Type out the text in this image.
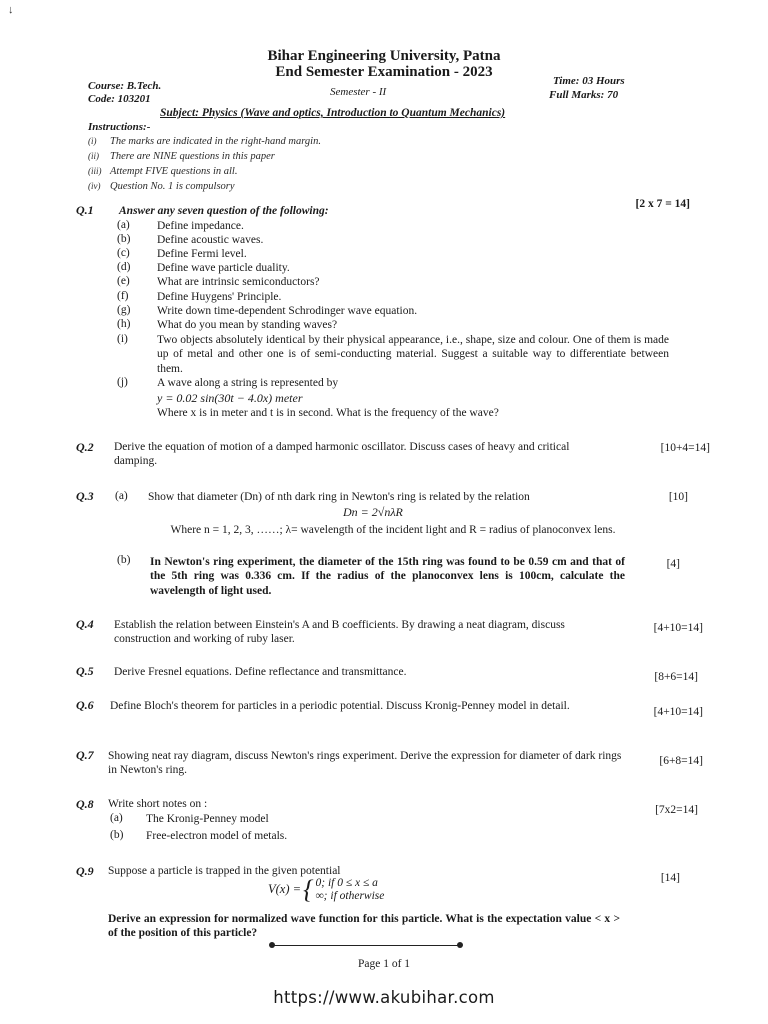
↓
Bihar Engineering University, Patna
End Semester Examination - 2023
Course: B.Tech.
Code: 103201
Semester - II
Time: 03 Hours
Full Marks: 70
Subject: Physics (Wave and optics, Introduction to Quantum Mechanics)
Instructions:-
(i) The marks are indicated in the right-hand margin.
(ii) There are NINE questions in this paper
(iii) Attempt FIVE questions in all.
(iv) Question No. 1 is compulsory
Q.1 Answer any seven question of the following:
[2 x 7 = 14]
(a) Define impedance.
(b) Define acoustic waves.
(c) Define Fermi level.
(d) Define wave particle duality.
(e) What are intrinsic semiconductors?
(f) Define Huygens' Principle.
(g) Write down time-dependent Schrodinger wave equation.
(h) What do you mean by standing waves?
(i)	Two objects absolutely identical by their physical appearance, i.e., shape, size and colour. One of them is made up of metal and other one is of semi-conducting material. Suggest a suitable way to differentiate between them.
(j)	A wave along a string is represented by
y = 0.02 sin(30t − 4.0x) meter
Where x is in meter and t is in second. What is the frequency of the wave?
Q.2 Derive the equation of motion of a damped harmonic oscillator. Discuss cases of heavy and critical damping.
[10+4=14]
Q.3 (a) Show that diameter (Dn) of nth dark ring in Newton's ring is related by the relation	[10]
Dn = 2√nλR
Where n = 1, 2, 3, ……; λ= wavelength of the incident light and R = radius of planoconvex lens.
(b) In Newton's ring experiment, the diameter of the 15th ring was found to be 0.59 cm and that of the 5th ring was 0.336 cm. If the radius of the planoconvex lens is 100cm, calculate the wavelength of light used.
[4]
Q.4 Establish the relation between Einstein's A and B coefficients. By drawing a neat diagram, discuss construction and working of ruby laser.
[4+10=14]
Q.5 Derive Fresnel equations. Define reflectance and transmittance.	[8+6=14]
Q.6 Define Bloch's theorem for particles in a periodic potential. Discuss Kronig-Penney model in detail.	[4+10=14]
Q.7 Showing neat ray diagram, discuss Newton's rings experiment. Derive the expression for diameter of dark rings in Newton's ring.
[6+8=14]
Q.8 Write short notes on :	[7x2=14]
(a) The Kronig-Penney model
(b) Free-electron model of metals.
Q.9 Suppose a particle is trapped in the given potential
[14]
V(x) ={ 0; if 0 ≤ x ≤ a
∞; if otherwise
Derive an expression for normalized wave function for this particle. What is the expectation value < x > of the position of this particle?
Page 1 of 1
https://www.akubihar.com
